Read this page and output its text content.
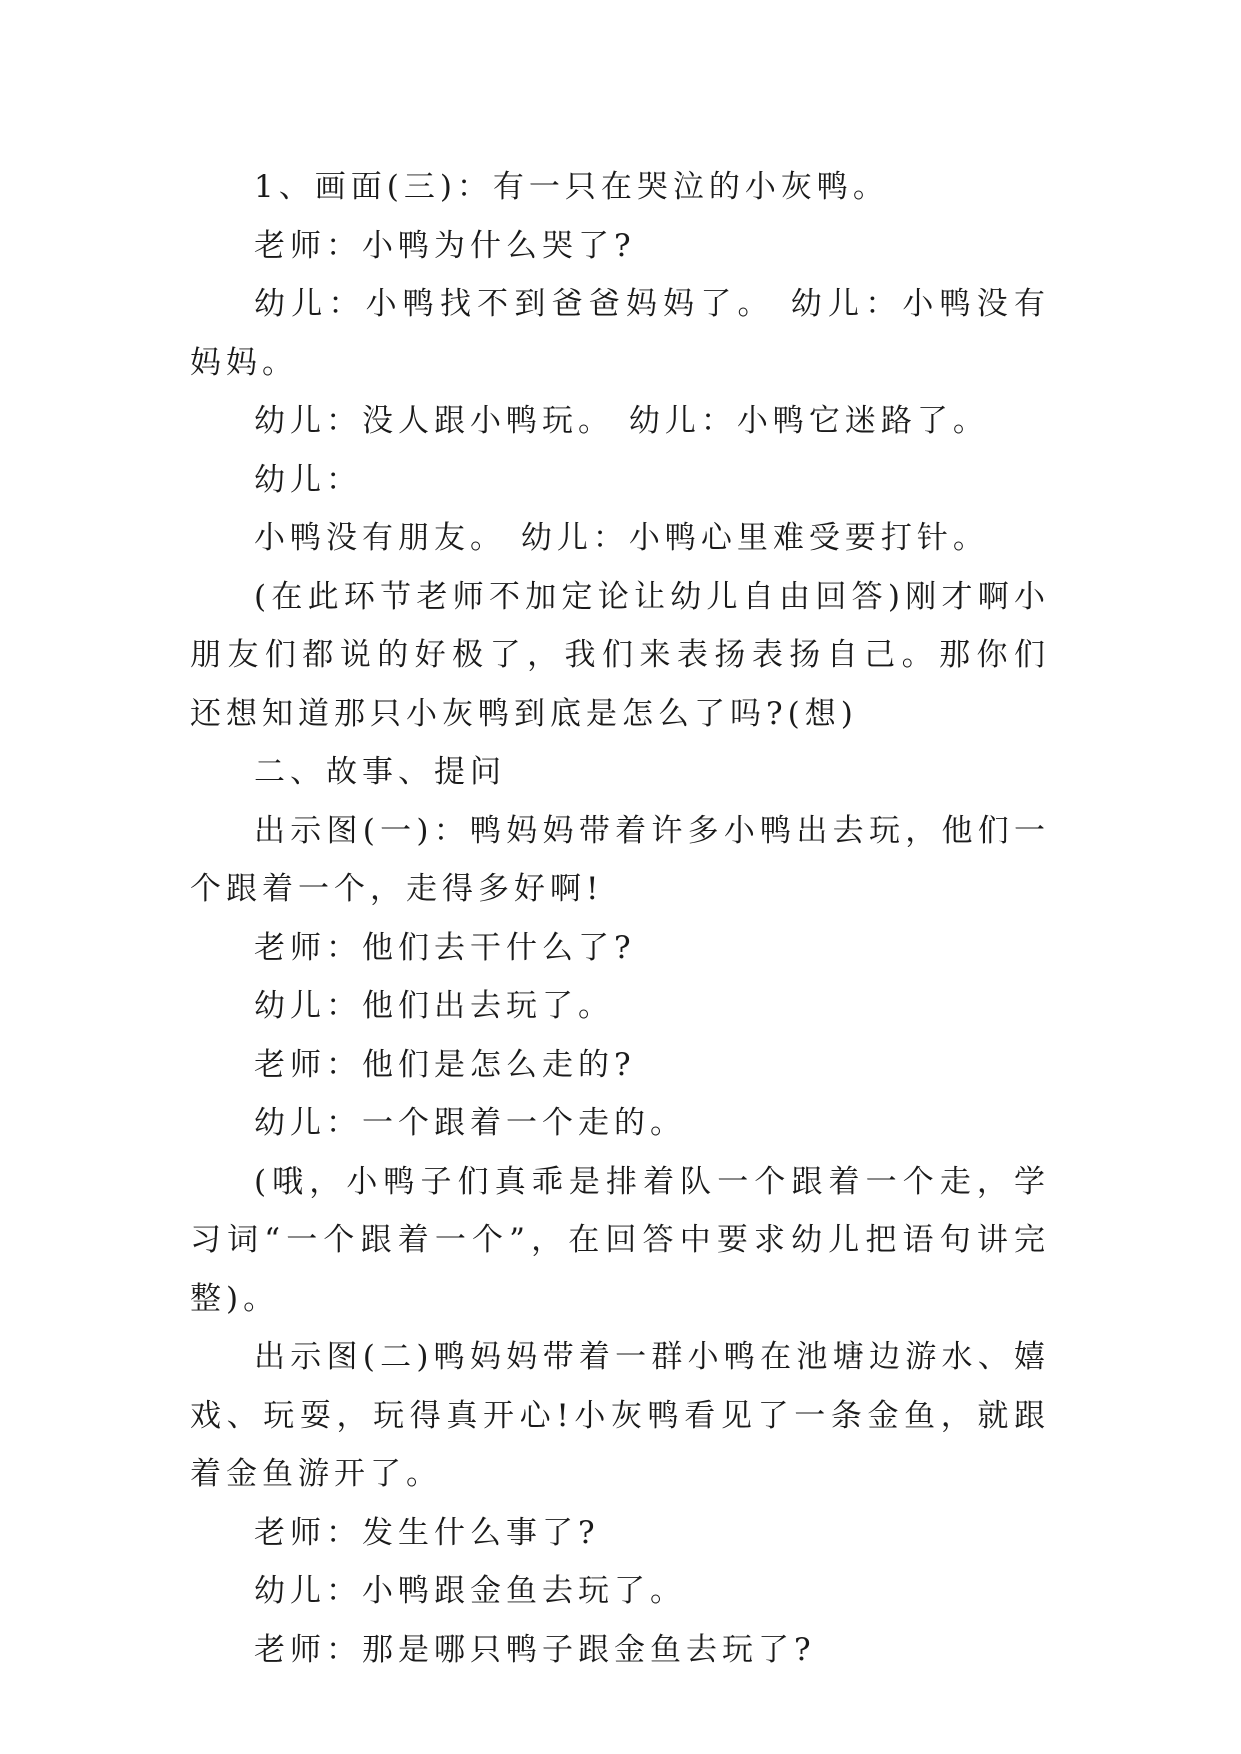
1、画面(三)：有一只在哭泣的小灰鸭。

老师：小鸭为什么哭了?

幼儿：小鸭找不到爸爸妈妈了。 幼儿：小鸭没有妈妈。

幼儿：没人跟小鸭玩。 幼儿：小鸭它迷路了。

幼儿：

小鸭没有朋友。 幼儿：小鸭心里难受要打针。

(在此环节老师不加定论让幼儿自由回答)刚才啊小朋友们都说的好极了，我们来表扬表扬自己。那你们还想知道那只小灰鸭到底是怎么了吗?(想)

二、故事、提问

出示图(一)：鸭妈妈带着许多小鸭出去玩，他们一个跟着一个，走得多好啊!

老师：他们去干什么了?

幼儿：他们出去玩了。

老师：他们是怎么走的?

幼儿：一个跟着一个走的。

(哦，小鸭子们真乖是排着队一个跟着一个走，学习词“一个跟着一个”，在回答中要求幼儿把语句讲完整)。

出示图(二)鸭妈妈带着一群小鸭在池塘边游水、嬉戏、玩耍，玩得真开心!小灰鸭看见了一条金鱼，就跟着金鱼游开了。

老师：发生什么事了?

幼儿：小鸭跟金鱼去玩了。

老师：那是哪只鸭子跟金鱼去玩了?
